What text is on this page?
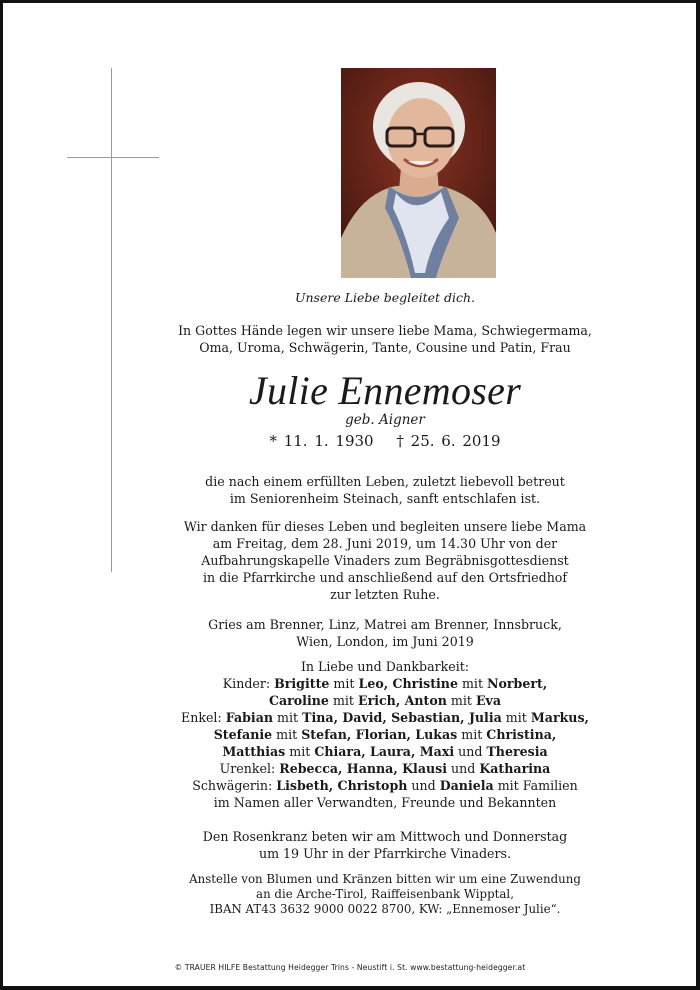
Unsere Liebe begleitet dich.

In Gottes Hände legen wir unsere liebe Mama, Schwiegermama,

Oma, Uroma, Schwägerin, Tante, Cousine und Patin, Frau

Julie Ennemoser
geb. Aigner
* 11. 1. 1930 † 25. 6. 2019

die nach einem erfüllten Leben, zuletzt liebevoll betreut

im Seniorenheim Steinach, sanft entschlafen ist.

Wir danken für dieses Leben und begleiten unsere liebe Mama

am Freitag, dem 28. Juni 2019, um 14.30 Uhr von der

Aufbahrungskapelle Vinaders zum Begräbnisgottesdienst

in die Pfarrkirche und anschließend auf den Ortsfriedhof

zur letzten Ruhe.

Gries am Brenner, Linz, Matrei am Brenner, Innsbruck,

Wien, London, im Juni 2019

In Liebe und Dankbarkeit:

Kinder: Brigitte mit Leo, Christine mit Norbert,

Caroline mit Erich, Anton mit Eva

Enkel: Fabian mit Tina, David, Sebastian, Julia mit Markus,

Stefanie mit Stefan, Florian, Lukas mit Christina,

Matthias mit Chiara, Laura, Maxi und Theresia

Urenkel: Rebecca, Hanna, Klausi und Katharina

Schwägerin: Lisbeth, Christoph und Daniela mit Familien

im Namen aller Verwandten, Freunde und Bekannten

Den Rosenkranz beten wir am Mittwoch und Donnerstag

um 19 Uhr in der Pfarrkirche Vinaders.

Anstelle von Blumen und Kränzen bitten wir um eine Zuwendung

an die Arche-Tirol, Raiffeisenbank Wipptal,

IBAN AT43 3632 9000 0022 8700, KW: „Ennemoser Julie“.

© TRAUER HILFE Bestattung Heidegger Trins - Neustift i. St. www.bestattung-heidegger.at
